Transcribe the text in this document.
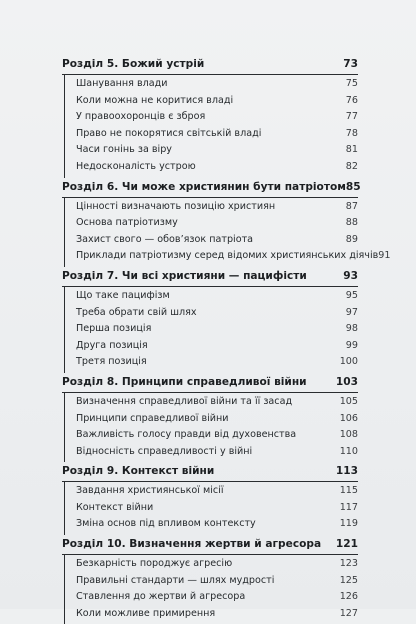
Розділ 5. Божий устрій	73
Шанування влади	75
Коли можна не коритися владі	76
У правоохоронців є зброя	77
Право не покорятися світській владі	78
Часи гонінь за віру	81
Недосконалість устрою	82
Розділ 6. Чи може християнин бути патріотом 85
Цінності визначають позицію християн	87
Основа патріотизму	88
Захист свого — обов’язок патріота	89
Приклади патріотизму серед відомих християнських діячів 91
Розділ 7. Чи всі християни — пацифісти	93
Що таке пацифізм	95
Треба обрати свій шлях	97
Перша позиція	98
Друга позиція	99
Третя позиція	100
Розділ 8. Принципи справедливої війни	103
Визначення справедливої війни та її засад	105
Принципи справедливої війни	106
Важливість голосу правди від духовенства	108
Відносність справедливості у війні	110
Розділ 9. Контекст війни	113
Завдання християнської місії	115
Контекст війни	117
Зміна основ під впливом контексту	119
Розділ 10. Визначення жертви й агресора 121
Безкарність породжує агресію	123
Правильні стандарти — шлях мудрості	125
Ставлення до жертви й агресора	126
Коли можливе примирення	127
